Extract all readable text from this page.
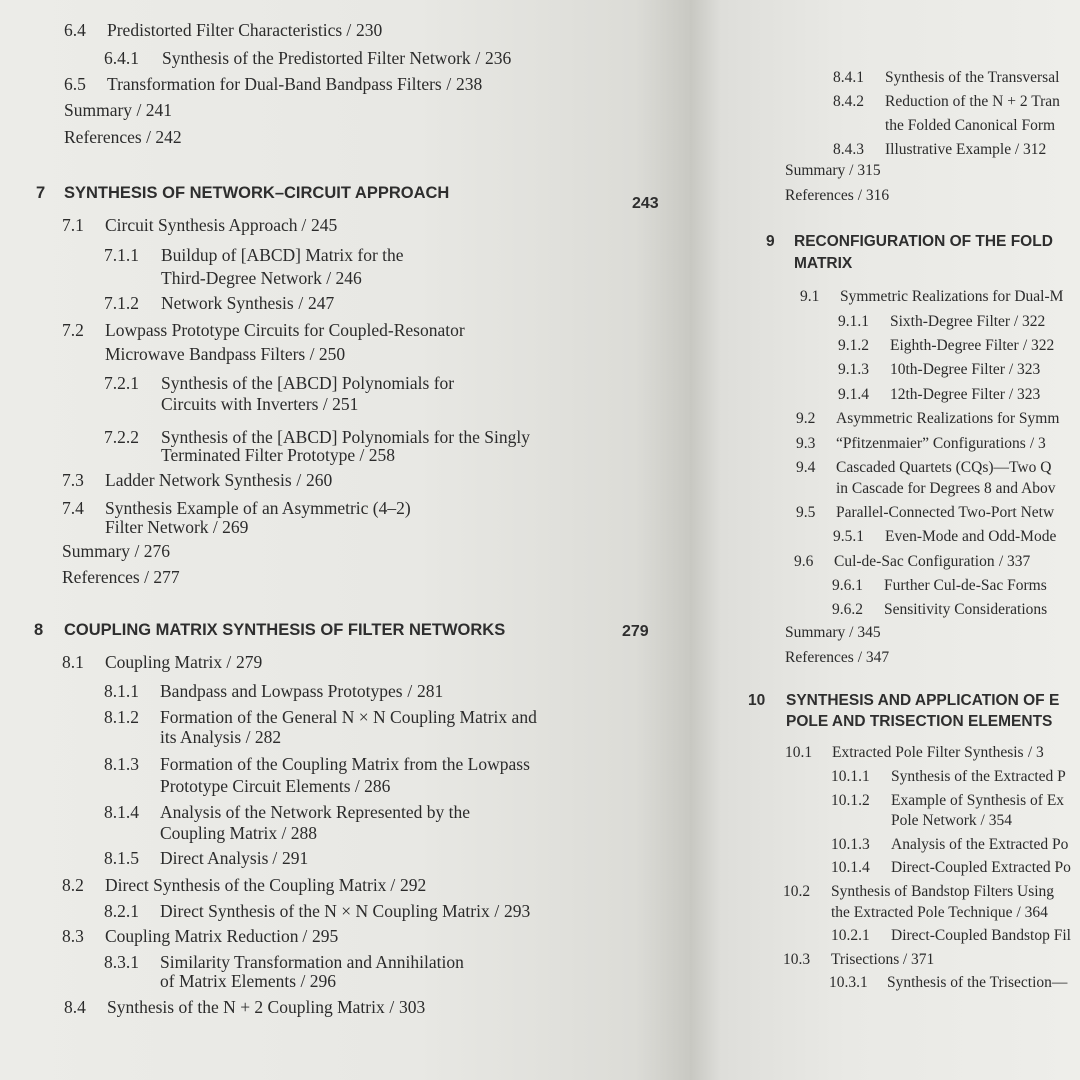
6.4 Predistorted Filter Characteristics / 230
6.4.1 Synthesis of the Predistorted Filter Network / 236
6.5 Transformation for Dual-Band Bandpass Filters / 238
Summary / 241
References / 242
7.1 Circuit Synthesis Approach / 245
7.1.1 Buildup of [ABCD] Matrix for the
Third-Degree Network / 246
7.1.2 Network Synthesis / 247
7.2 Lowpass Prototype Circuits for Coupled-Resonator
Microwave Bandpass Filters / 250
7.2.1 Synthesis of the [ABCD] Polynomials for
Circuits with Inverters / 251
7.2.2 Synthesis of the [ABCD] Polynomials for the Singly
Terminated Filter Prototype / 258
7.3 Ladder Network Synthesis / 260
7.4 Synthesis Example of an Asymmetric (4–2)
Filter Network / 269
Summary / 276
References / 277
8.1 Coupling Matrix / 279
8.1.1 Bandpass and Lowpass Prototypes / 281
8.1.2 Formation of the General N × N Coupling Matrix and
its Analysis / 282
8.1.3 Formation of the Coupling Matrix from the Lowpass
Prototype Circuit Elements / 286
8.1.4 Analysis of the Network Represented by the
Coupling Matrix / 288
8.1.5 Direct Analysis / 291
8.2 Direct Synthesis of the Coupling Matrix / 292
8.2.1 Direct Synthesis of the N × N Coupling Matrix / 293
8.3 Coupling Matrix Reduction / 295
8.3.1 Similarity Transformation and Annihilation
of Matrix Elements / 296
8.4 Synthesis of the N + 2 Coupling Matrix / 303
7 SYNTHESIS OF NETWORK–CIRCUIT APPROACH
243
8 COUPLING MATRIX SYNTHESIS OF FILTER NETWORKS	279
8.4.1 Synthesis of the Transversal
8.4.2 Reduction of the N + 2 Tran
the Folded Canonical Form
8.4.3 Illustrative Example / 312
Summary / 315
References / 316
9.1 Symmetric Realizations for Dual-M
9.1.1 Sixth-Degree Filter / 322
9.1.2 Eighth-Degree Filter / 322
9.1.3 10th-Degree Filter / 323
9.1.4 12th-Degree Filter / 323
9.2 Asymmetric Realizations for Symm
9.3 “Pfitzenmaier” Configurations / 3
9.4 Cascaded Quartets (CQs)—Two Q
in Cascade for Degrees 8 and Abov
9.5 Parallel-Connected Two-Port Netw
9.5.1 Even-Mode and Odd-Mode
9.6 Cul-de-Sac Configuration / 337
9.6.1 Further Cul-de-Sac Forms
9.6.2 Sensitivity Considerations
Summary / 345
References / 347
10.1 Extracted Pole Filter Synthesis / 3
10.1.1 Synthesis of the Extracted P
10.1.2 Example of Synthesis of Ex
Pole Network / 354
10.1.3 Analysis of the Extracted Po
10.1.4 Direct-Coupled Extracted Po
10.2 Synthesis of Bandstop Filters Using
the Extracted Pole Technique / 364
10.2.1 Direct-Coupled Bandstop Fil
10.3 Trisections / 371
10.3.1 Synthesis of the Trisection—
9 RECONFIGURATION OF THE FOLD
MATRIX
10 SYNTHESIS AND APPLICATION OF E
POLE AND TRISECTION ELEMENTS
